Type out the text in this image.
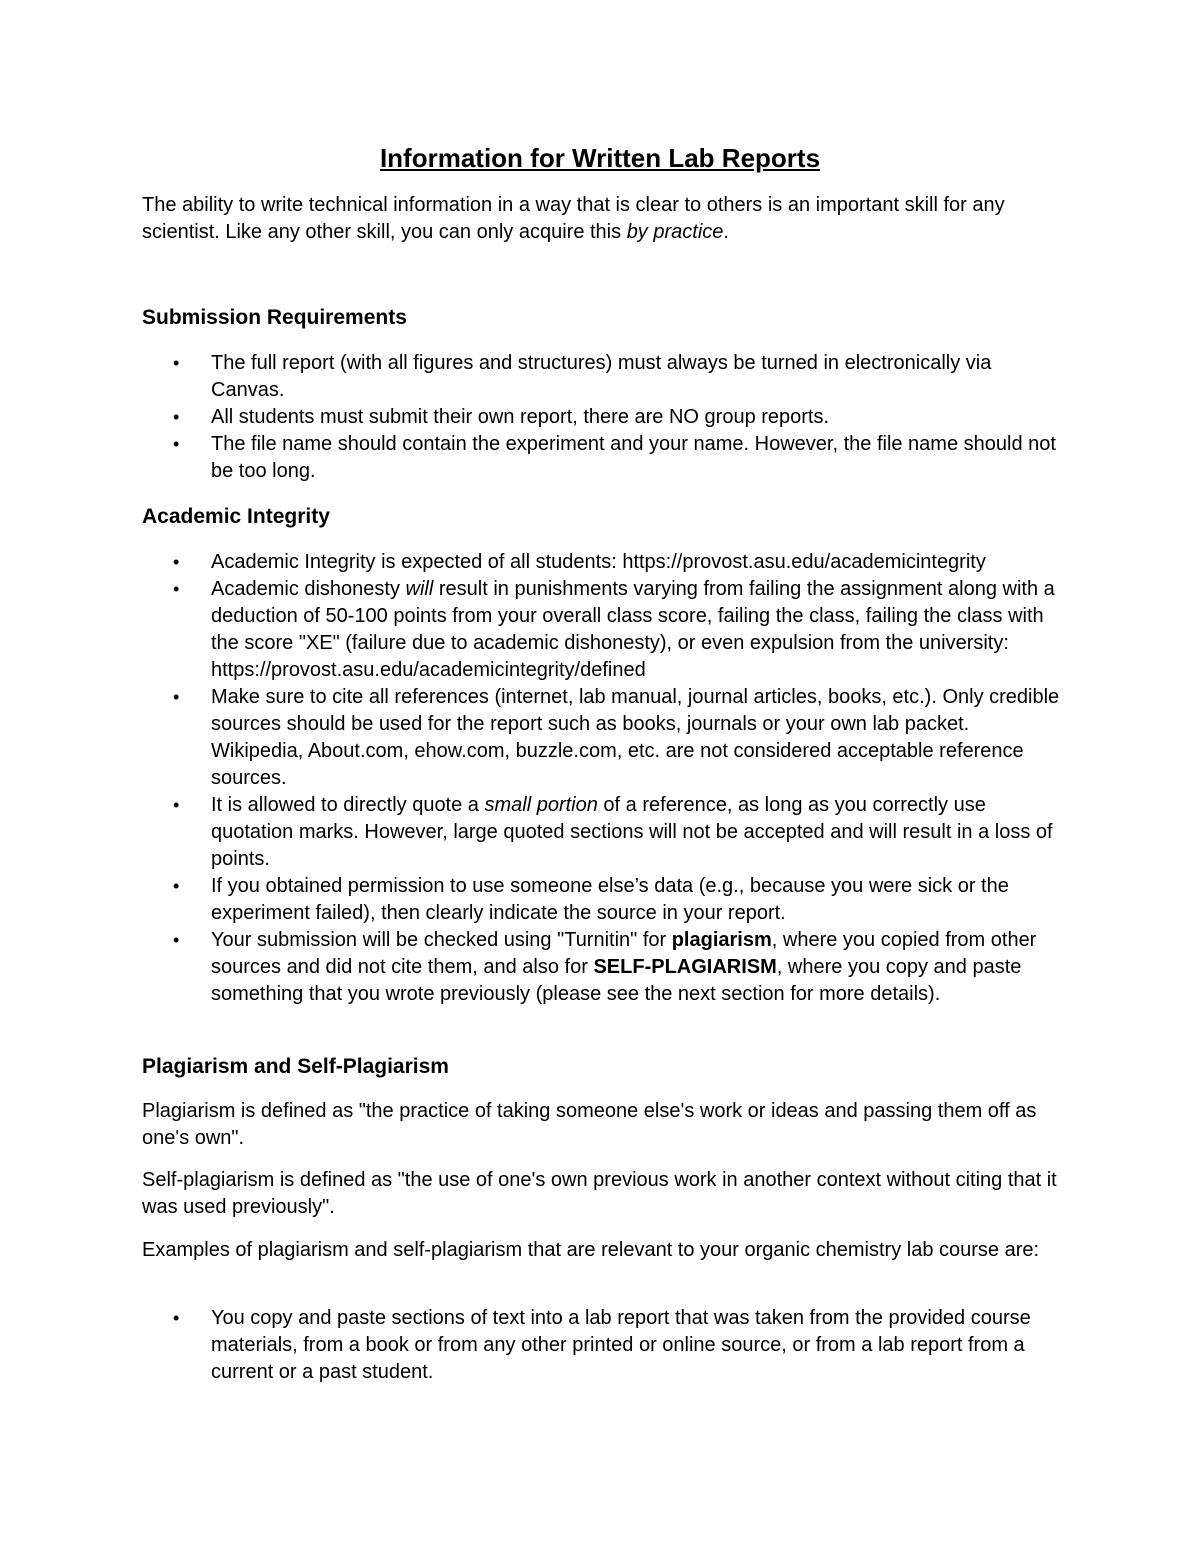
Information for Written Lab Reports

The ability to write technical information in a way that is clear to others is an important skill for any scientist. Like any other skill, you can only acquire this by practice.

Submission Requirements
• The full report (with all figures and structures) must always be turned in electronically via Canvas.
• All students must submit their own report, there are NO group reports.
• The file name should contain the experiment and your name. However, the file name should not be too long.
Academic Integrity
• Academic Integrity is expected of all students: https://provost.asu.edu/academicintegrity
• Academic dishonesty will result in punishments varying from failing the assignment along with a deduction of 50-100 points from your overall class score, failing the class, failing the class with the score "XE" (failure due to academic dishonesty), or even expulsion from the university: https://provost.asu.edu/academicintegrity/defined
• Make sure to cite all references (internet, lab manual, journal articles, books, etc.). Only credible sources should be used for the report such as books, journals or your own lab packet. Wikipedia, About.com, ehow.com, buzzle.com, etc. are not considered acceptable reference sources.
• It is allowed to directly quote a small portion of a reference, as long as you correctly use quotation marks. However, large quoted sections will not be accepted and will result in a loss of points.
• If you obtained permission to use someone else’s data (e.g., because you were sick or the experiment failed), then clearly indicate the source in your report.
• Your submission will be checked using "Turnitin" for plagiarism, where you copied from other sources and did not cite them, and also for SELF-PLAGIARISM, where you copy and paste something that you wrote previously (please see the next section for more details).
Plagiarism and Self-Plagiarism

Plagiarism is defined as "the practice of taking someone else's work or ideas and passing them off as one's own".

Self-plagiarism is defined as "the use of one's own previous work in another context without citing that it was used previously".

Examples of plagiarism and self-plagiarism that are relevant to your organic chemistry lab course are:

• You copy and paste sections of text into a lab report that was taken from the provided course materials, from a book or from any other printed or online source, or from a lab report from a current or a past student.
